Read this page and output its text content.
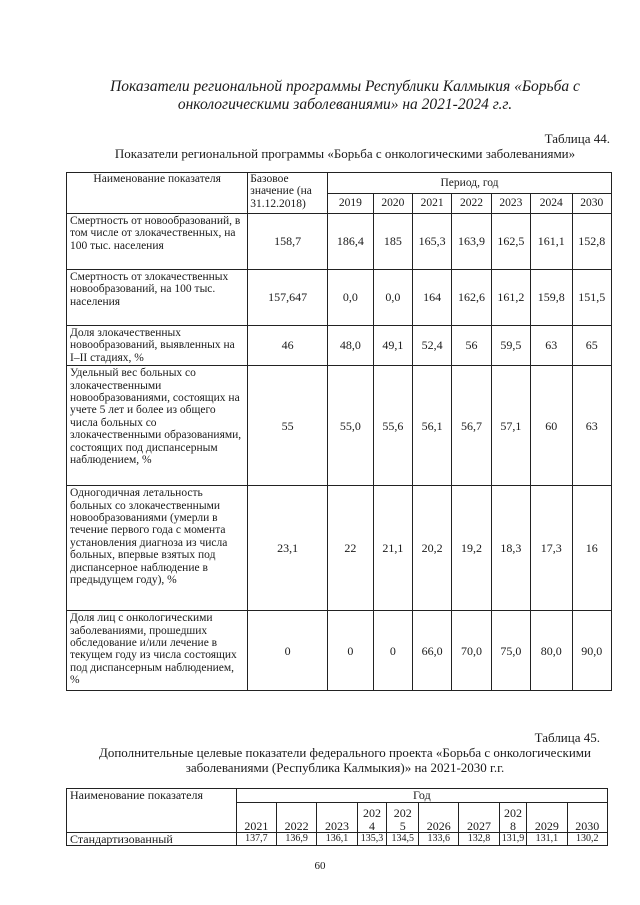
Показатели региональной программы Республики Калмыкия «Борьба с онкологическими заболеваниями» на 2021-2024 г.г.
Таблица 44.
Показатели региональной программы «Борьба с онкологическими заболеваниями»
Наименование показателя	Базовое значение (на 31.12.2018)	Период, год						
		2019	2020	2021	2022	2023	2024	2030
Смертность от новообразований, в том числе от злокачественных, на 100 тыс. населения	158,7	186,4	185	165,3	163,9	162,5	161,1	152,8
Смертность от злокачественных новообразований, на 100 тыс. населения	157,647	0,0	0,0	164	162,6	161,2	159,8	151,5
Доля злокачественных новообразований, выявленных на I–II стадиях, %	46	48,0	49,1	52,4	56	59,5	63	65
Удельный вес больных со злокачественными новообразованиями, состоящих на учете 5 лет и более из общего числа больных со злокачественными образованиями, состоящих под диспансерным наблюдением, %	55	55,0	55,6	56,1	56,7	57,1	60	63
Одногодичная летальность больных со злокачественными новообразованиями (умерли в течение первого года с момента установления диагноза из числа больных, впервые взятых под диспансерное наблюдение в предыдущем году), %	23,1	22	21,1	20,2	19,2	18,3	17,3	16
Доля лиц с онкологическими заболеваниями, прошедших обследование и/или лечение в текущем году из числа состоящих под диспансерным наблюдением, %	0	0	0	66,0	70,0	75,0	80,0	90,0
Таблица 45.
Дополнительные целевые показатели федерального проекта «Борьба с онкологическими заболеваниями (Республика Калмыкия)» на 2021-2030 г.г.
Наименование показателя	Год									
	2021	2022	2023	202 4	202 5	2026	2027	202 8	2029	2030
Стандартизованный	137,7	136,9	136,1	135,3	134,5	133,6	132,8	131,9	131,1	130,2
60
